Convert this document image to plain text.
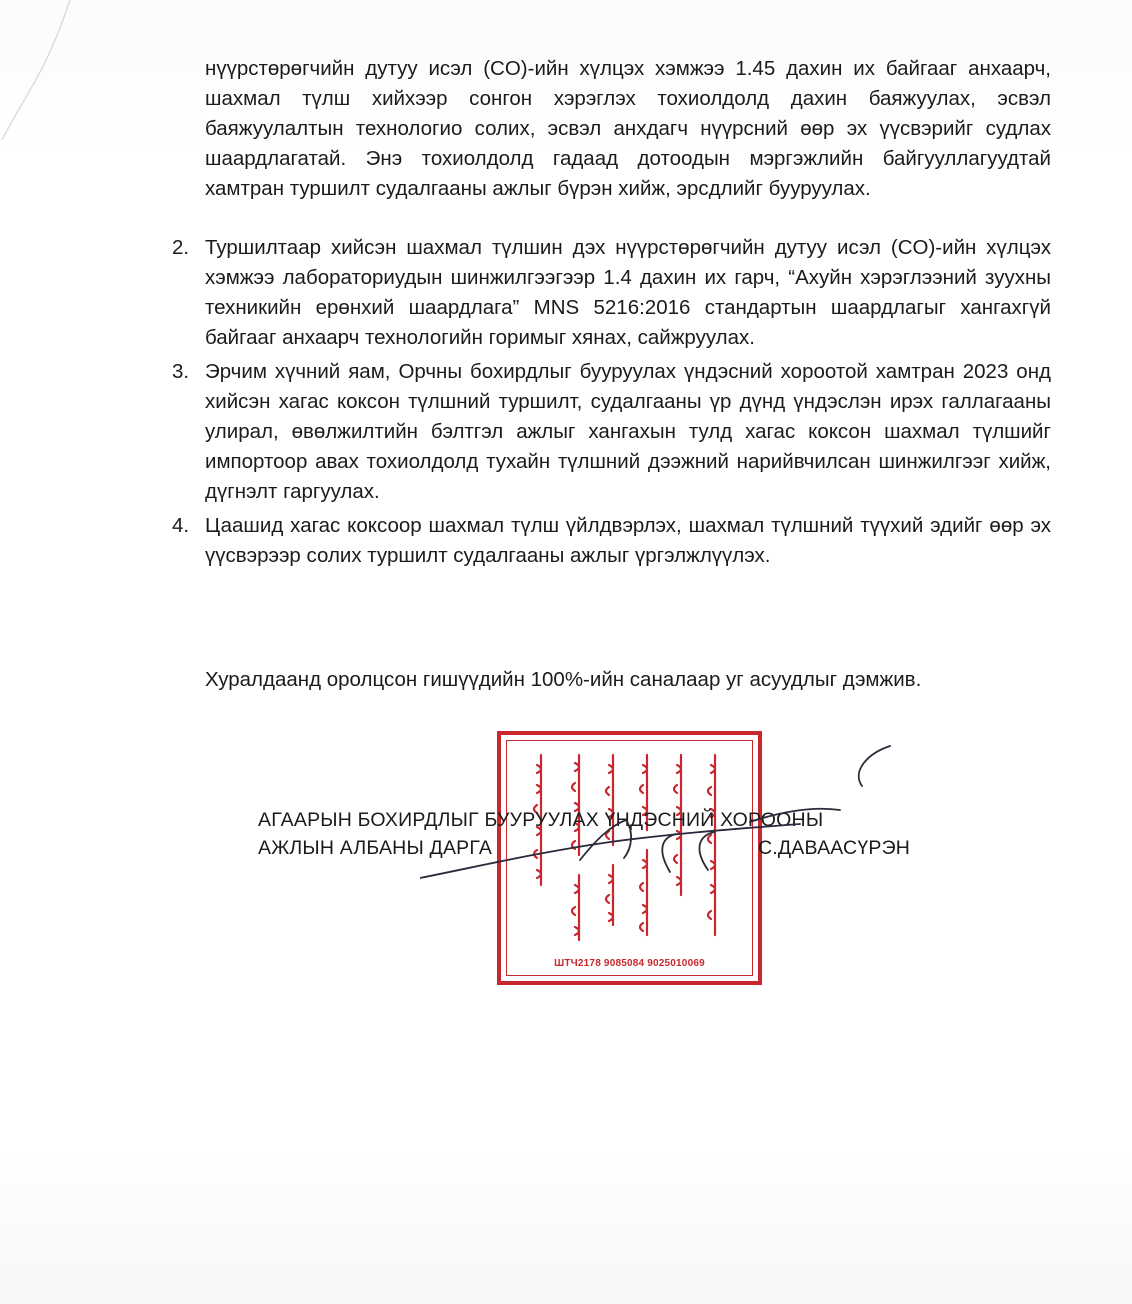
нүүрстөрөгчийн дутуу исэл (CO)-ийн хүлцэх хэмжээ 1.45 дахин их байгааг анхаарч, шахмал түлш хийхээр сонгон хэрэглэх тохиолдолд дахин баяжуулах, эсвэл баяжуулалтын технологио солих, эсвэл анхдагч нүүрсний өөр эх үүсвэрийг судлах шаардлагатай. Энэ тохиолдолд гадаад дотоодын мэргэжлийн байгууллагуудтай хамтран туршилт судалгааны ажлыг бүрэн хийж, эрсдлийг бууруулах.

2. Туршилтаар хийсэн шахмал түлшин дэх нүүрстөрөгчийн дутуу исэл (CO)-ийн хүлцэх хэмжээ лабораториудын шинжилгээгээр 1.4 дахин их гарч, “Ахуйн хэрэглээний зуухны техникийн ерөнхий шаардлага” MNS 5216:2016 стандартын шаардлагыг хангахгүй байгааг анхаарч технологийн горимыг хянах, сайжруулах.
3. Эрчим хүчний яам, Орчны бохирдлыг бууруулах үндэсний хороотой хамтран 2023 онд хийсэн хагас коксон түлшний туршилт, судалгааны үр дүнд үндэслэн ирэх галлагааны улирал, өвөлжилтийн бэлтгэл ажлыг хангахын тулд хагас коксон шахмал түлшийг импортоор авах тохиолдолд тухайн түлшний дээжний нарийвчилсан шинжилгээг хийж, дүгнэлт гаргуулах.
4. Цаашид хагас коксоор шахмал түлш үйлдвэрлэх, шахмал түлшний түүхий эдийг өөр эх үүсвэрээр солих туршилт судалгааны ажлыг үргэлжлүүлэх.

Хуралдаанд оролцсон гишүүдийн 100%-ийн саналаар уг асуудлыг дэмжив.

ШТЧ2178 9085084 9025010069
АГААРЫН БОХИРДЛЫГ БУУРУУЛАХ ҮНДЭСНИЙ ХОРООНЫ
АЖЛЫН АЛБАНЫ ДАРГА	С.ДАВААСҮРЭН
